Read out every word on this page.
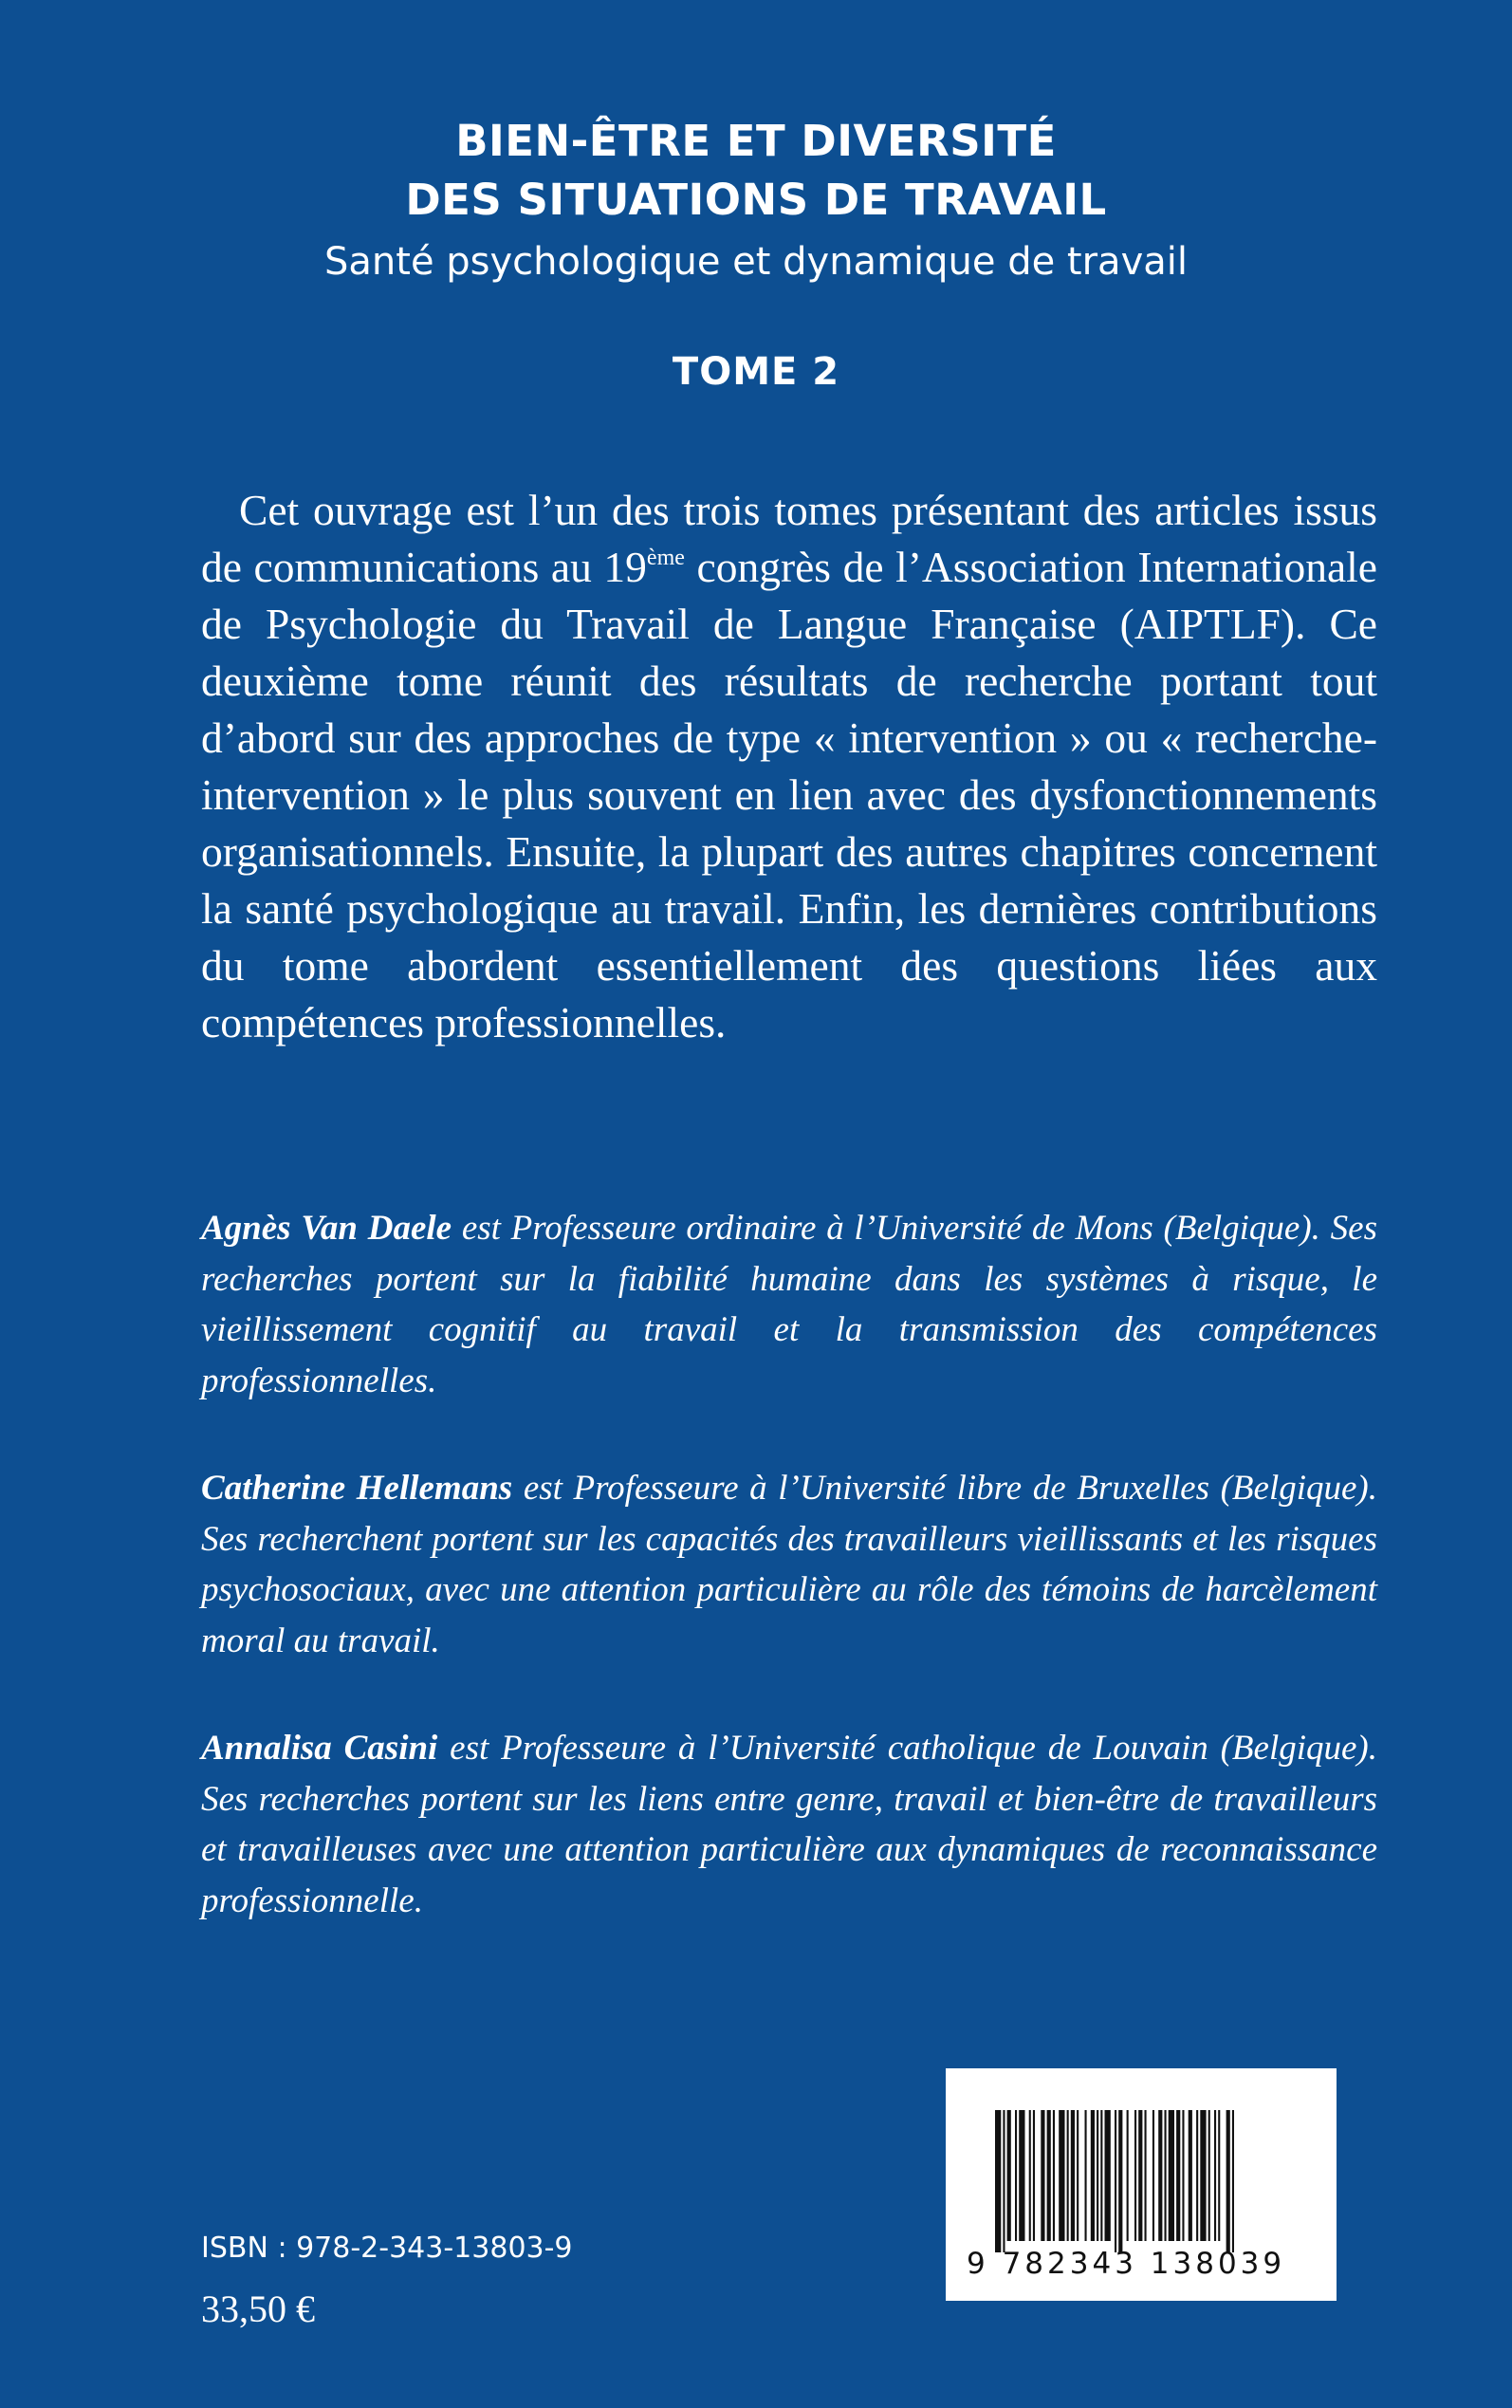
BIEN-ÊTRE ET DIVERSITÉ
DES SITUATIONS DE TRAVAIL
Santé psychologique et dynamique de travail
TOME 2
Cet ouvrage est l’un des trois tomes présentant des articles issus de communications au 19ème congrès de l’Association Internationale de Psychologie du Travail de Langue Française (AIPTLF). Ce deuxième tome réunit des résultats de recherche portant tout d’abord sur des approches de type « intervention » ou « recherche-intervention » le plus souvent en lien avec des dysfonctionnements organisationnels. Ensuite, la plupart des autres chapitres concernent la santé psychologique au travail. Enfin, les dernières contributions du tome abordent essentiellement des questions liées aux compétences professionnelles.

Agnès Van Daele est Professeure ordinaire à l’Université de Mons (Belgique). Ses recherches portent sur la fiabilité humaine dans les systèmes à risque, le vieillissement cognitif au travail et la transmission des compétences professionnelles.

Catherine Hellemans est Professeure à l’Université libre de Bruxelles (Belgique). Ses recherchent portent sur les capacités des travailleurs vieillissants et les risques psychosociaux, avec une attention particulière au rôle des témoins de harcèlement moral au travail.

Annalisa Casini est Professeure à l’Université catholique de Louvain (Belgique). Ses recherches portent sur les liens entre genre, travail et bien-être de travailleurs et travailleuses avec une attention particulière aux dynamiques de reconnaissance professionnelle.

9 782343 138039
ISBN : 978-2-343-13803-9
33,50 €
